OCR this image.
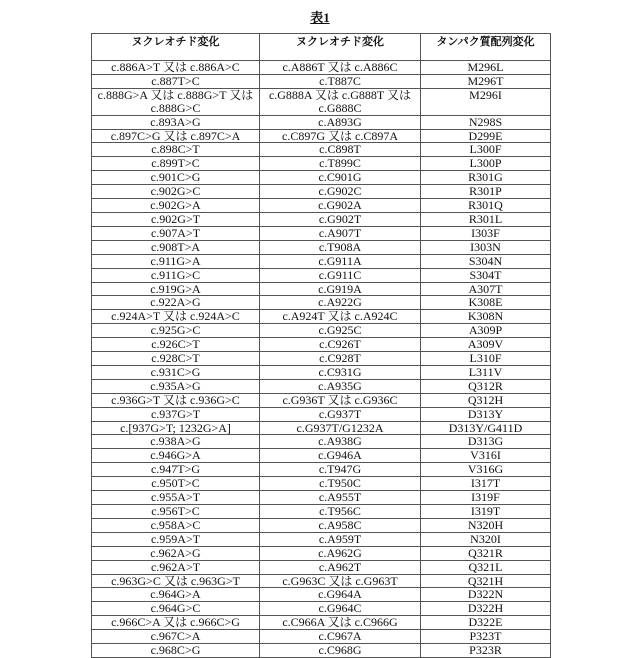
表1
ヌクレオチド変化	ヌクレオチド変化	タンパク質配列変化
c.886A>T 又は c.886A>C	c.A886T 又は c.A886C	M296L
c.887T>C	c.T887C	M296T
c.888G>A 又は c.888G>T 又は c.888G>C	c.G888A 又は c.G888T 又は c.G888C	M296I
c.893A>G	c.A893G	N298S
c.897C>G 又は c.897C>A	c.C897G 又は c.C897A	D299E
c.898C>T	c.C898T	L300F
c.899T>C	c.T899C	L300P
c.901C>G	c.C901G	R301G
c.902G>C	c.G902C	R301P
c.902G>A	c.G902A	R301Q
c.902G>T	c.G902T	R301L
c.907A>T	c.A907T	I303F
c.908T>A	c.T908A	I303N
c.911G>A	c.G911A	S304N
c.911G>C	c.G911C	S304T
c.919G>A	c.G919A	A307T
c.922A>G	c.A922G	K308E
c.924A>T 又は c.924A>C	c.A924T 又は c.A924C	K308N
c.925G>C	c.G925C	A309P
c.926C>T	c.C926T	A309V
c.928C>T	c.C928T	L310F
c.931C>G	c.C931G	L311V
c.935A>G	c.A935G	Q312R
c.936G>T 又は c.936G>C	c.G936T 又は c.G936C	Q312H
c.937G>T	c.G937T	D313Y
c.[937G>T; 1232G>A]	c.G937T/G1232A	D313Y/G411D
c.938A>G	c.A938G	D313G
c.946G>A	c.G946A	V316I
c.947T>G	c.T947G	V316G
c.950T>C	c.T950C	I317T
c.955A>T	c.A955T	I319F
c.956T>C	c.T956C	I319T
c.958A>C	c.A958C	N320H
c.959A>T	c.A959T	N320I
c.962A>G	c.A962G	Q321R
c.962A>T	c.A962T	Q321L
c.963G>C 又は c.963G>T	c.G963C 又は c.G963T	Q321H
c.964G>A	c.G964A	D322N
c.964G>C	c.G964C	D322H
c.966C>A 又は c.966C>G	c.C966A 又は c.C966G	D322E
c.967C>A	c.C967A	P323T
c.968C>G	c.C968G	P323R
